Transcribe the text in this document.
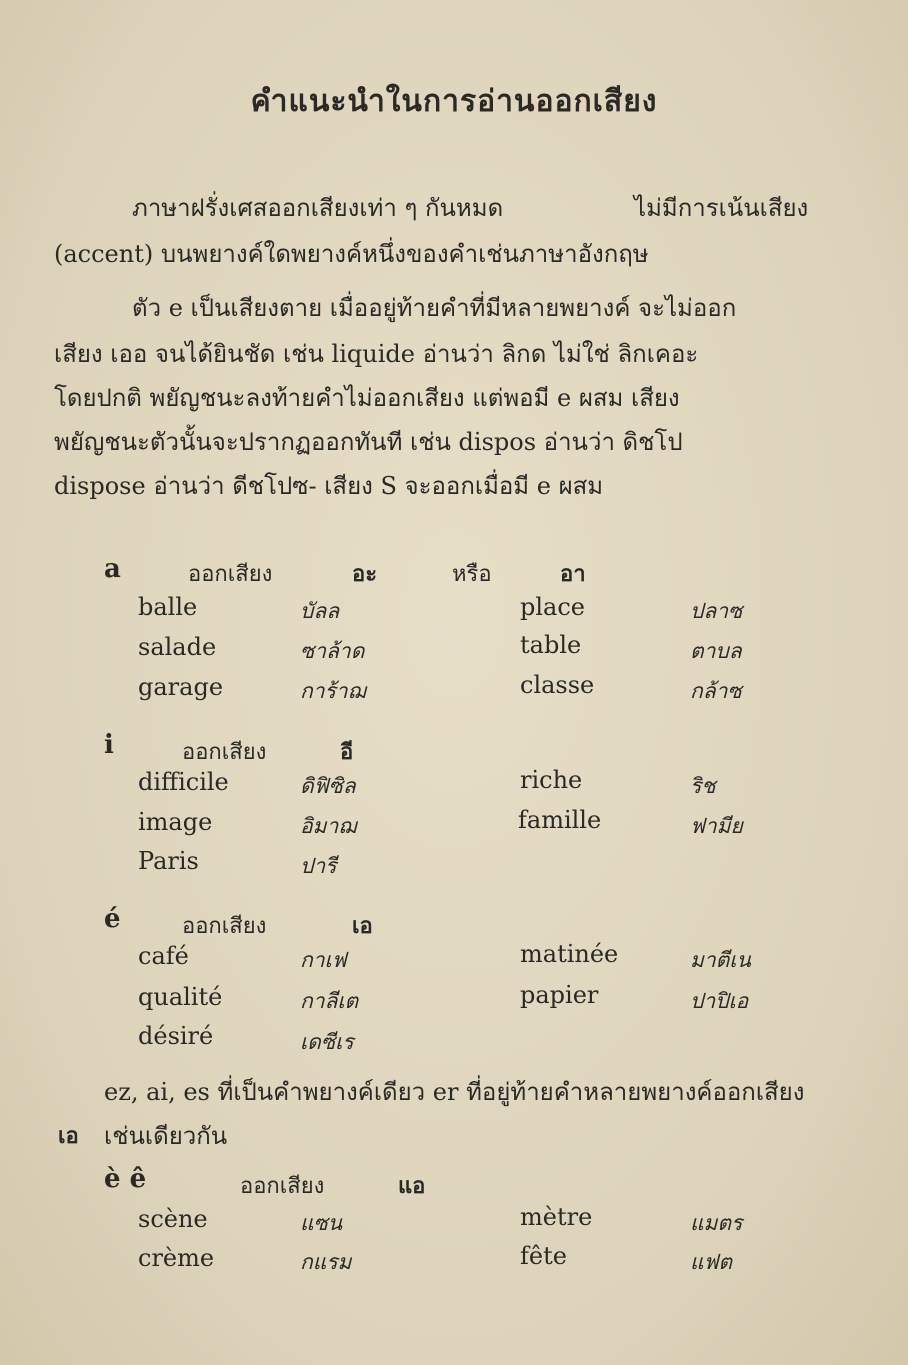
คำแนะนำในการอ่านออกเสียง
ภาษาฝรั่งเศสออกเสียงเท่า ๆ กันหมด	ไม่มีการเน้นเสียง
(accent) บนพยางค์ใดพยางค์หนึ่งของคำเช่นภาษาอังกฤษ
ตัว e เป็นเสียงตาย เมื่ออยู่ท้ายคำที่มีหลายพยางค์ จะไม่ออก
เสียง เออ จนได้ยินชัด เช่น liquide อ่านว่า ลิกด ไม่ใช่ ลิกเคอะ
โดยปกติ พยัญชนะลงท้ายคำไม่ออกเสียง แต่พอมี e ผสม เสียง
พยัญชนะตัวนั้นจะปรากฏออกทันที เช่น dispos อ่านว่า ดิชโป
dispose อ่านว่า ดีชโปซ- เสียง S จะออกเมื่อมี e ผสม
a	ออกเสียง	อะ	หรือ	อา
balle	บัลล	place	ปลาซ
salade	ซาล้าด	table	ตาบล
garage	การ้าฌ	classe	กล้าซ
i	ออกเสียง	อี
difficile	ดิฟิซิล	riche	ริช
image	อิมาฌ	famille	ฟามีย
Paris	ปารี
é	ออกเสียง	เอ
café	กาเฟ	matinée	มาตีเน
qualité	กาลีเต	papier	ปาปิเอ
désiré	เดซีเร
ez, ai, es ที่เป็นคำพยางค์เดียว er ที่อยู่ท้ายคำหลายพยางค์ออกเสียง
เอ เช่นเดียวกัน
è ê	ออกเสียง	แอ
scène	แซน	mètre	แมตร
crème	กแรม	fête	แฟต
